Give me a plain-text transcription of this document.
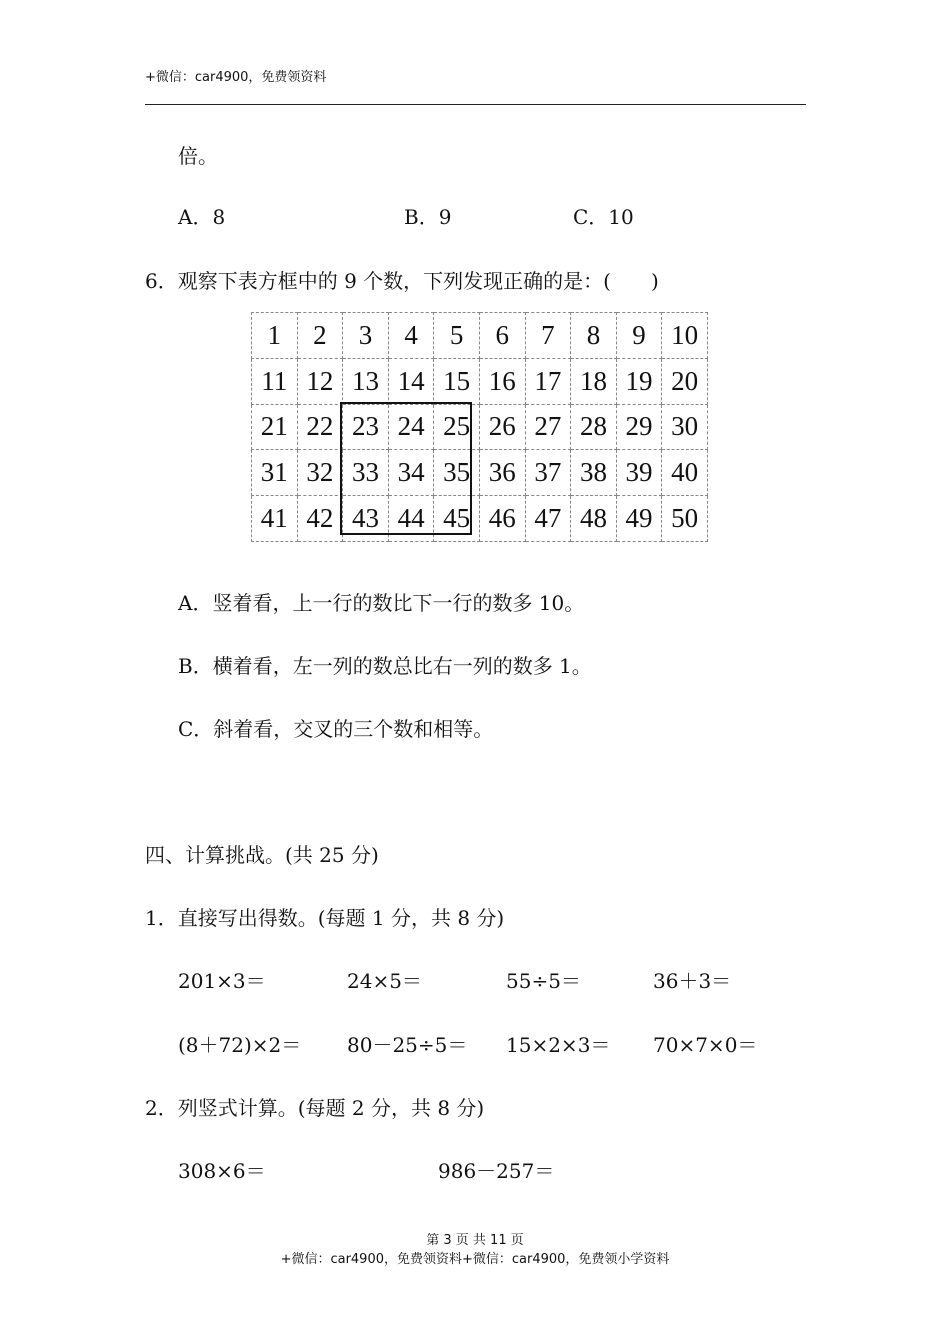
+微信：car4900，免费领资料
倍。
A．8	B．9	C．10
6．观察下表方框中的 9 个数，下列发现正确的是：(　　)
1	2	3	4	5	6	7	8	9	10
11	12	13	14	15	16	17	18	19	20
21	22	23	24	25	26	27	28	29	30
31	32	33	34	35	36	37	38	39	40
41	42	43	44	45	46	47	48	49	50
A．竖着看，上一行的数比下一行的数多 10。
B．横着看，左一列的数总比右一列的数多 1。
C．斜着看，交叉的三个数和相等。
四、计算挑战。(共 25 分)
1．直接写出得数。(每题 1 分，共 8 分)
201×3＝	24×5＝	55÷5＝	36＋3＝
(8＋72)×2＝ 80－25÷5＝ 15×2×3＝ 70×7×0＝
2．列竖式计算。(每题 2 分，共 8 分)
308×6＝	986－257＝
第 3 页 共 11 页
+微信：car4900，免费领资料+微信：car4900，免费领小学资料
